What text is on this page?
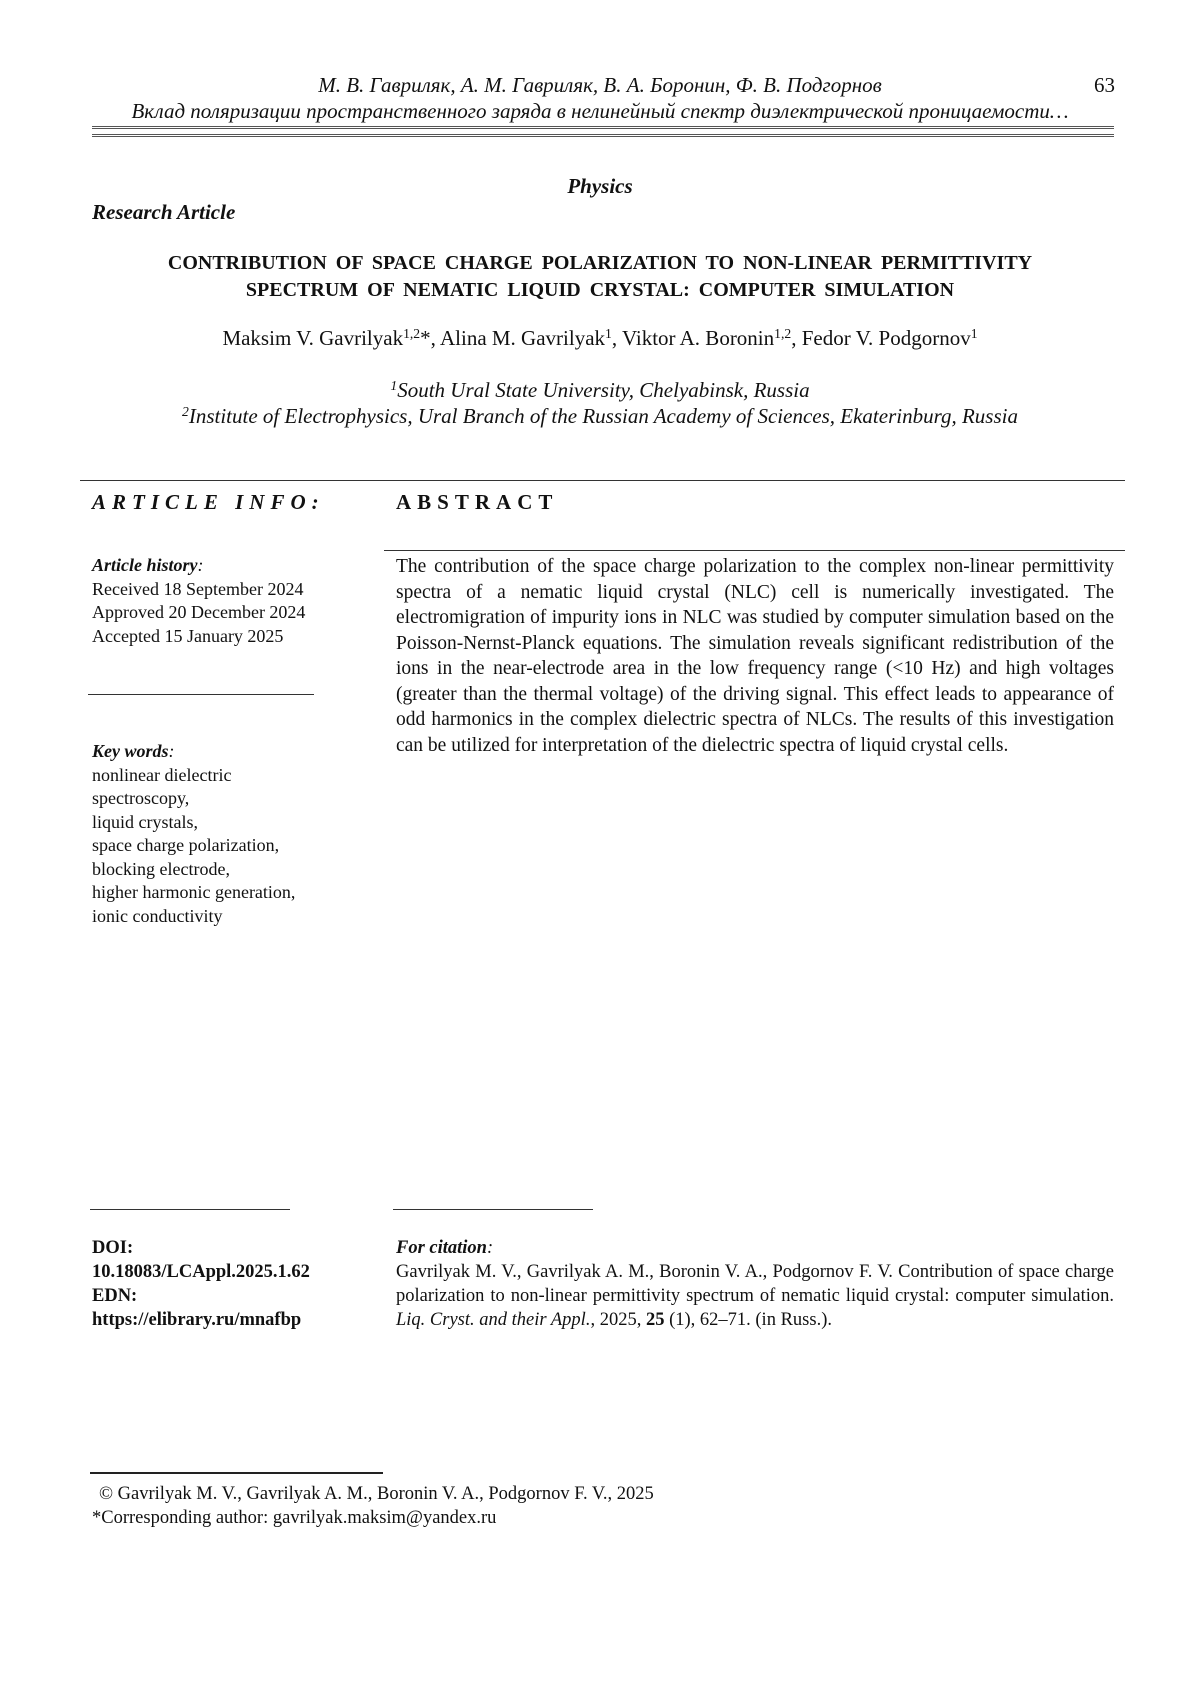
М. В. Гавриляк, А. М. Гавриляк, В. А. Боронин, Ф. В. Подгорнов	63
Вклад поляризации пространственного заряда в нелинейный спектр диэлектрической проницаемости…
Physics
Research Article
CONTRIBUTION OF SPACE CHARGE POLARIZATION TO NON-LINEAR PERMITTIVITY
SPECTRUM OF NEMATIC LIQUID CRYSTAL: COMPUTER SIMULATION
Maksim V. Gavrilyak$^{1,2}$*, Alina M. Gavrilyak$^1$, Viktor A. Boronin$^{1,2}$, Fedor V. Podgornov$^1$
$^1$South Ural State University, Chelyabinsk, Russia
$^2$Institute of Electrophysics, Ural Branch of the Russian Academy of Sciences, Ekaterinburg, Russia
ARTICLE INFO:	ABSTRACT
Article history:
Received 18 September 2024
Approved 20 December 2024
Accepted 15 January 2025
Key words:
nonlinear dielectric
spectroscopy,
liquid crystals,
space charge polarization,
blocking electrode,
higher harmonic generation,
ionic conductivity
The contribution of the space charge polarization to the complex non-linear permittivity spectra of a nematic liquid crystal (NLC) cell is numerically investigated. The electromigration of impurity ions in NLC was studied by computer simulation based on the Poisson-Nernst-Planck equations. The simulation reveals significant redistribution of the ions in the near-electrode area in the low frequency range (<10 Hz) and high voltages (greater than the thermal voltage) of the driving signal. This effect leads to appearance of odd harmonics in the complex dielectric spectra of NLCs. The results of this investigation can be utilized for interpretation of the dielectric spectra of liquid crystal cells.
DOI:
10.18083/LCAppl.2025.1.62
EDN:
https://elibrary.ru/mnafbp
For citation:
Gavrilyak M. V., Gavrilyak A. M., Boronin V. A., Podgornov F. V. Contribution of space charge polarization to non-linear permittivity spectrum of nematic liquid crystal: computer simulation. Liq. Cryst. and their Appl., 2025, 25 (1), 62–71. (in Russ.).
© Gavrilyak M. V., Gavrilyak A. M., Boronin V. A., Podgornov F. V., 2025
*Corresponding author: gavrilyak.maksim@yandex.ru
